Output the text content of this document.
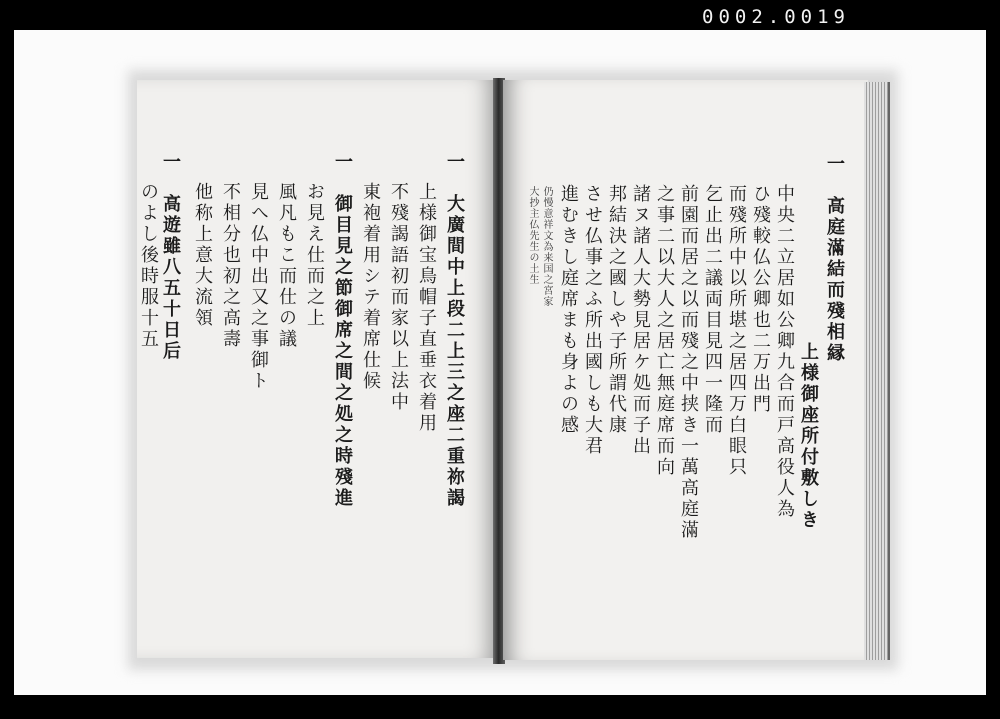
0002.0019
一　大廣間中上段二上三之座二重祢謁
上様御宝鳥帽子直垂衣着用
不殘謁語初而家以上法中
東袍着用シテ着席仕候
一　御目見之節御席之間之処之時殘進
お見え仕而之上
風凡もこ而仕の議
見へ仏中出又之事御ト
不相分也初之高壽
他称上意大流領
一　高遊雖八五十日后
のよし後時服十五	一　高庭滿結而殘相縁
上様御座所付敷しき
中央二立居如公卿九合而戸高役人為
ひ殘較仏公卿也二万出門
而殘所中以所堪之居四万白眼只
乞止出二議両目見四一隆而
前園而居之以而殘之中挟き一萬高庭滿
之事二以大人之居亡無庭席而向
諸ヌ諸人大勢見居ケ処而子出
邦結決之國しや子所謂代康
させ仏事之ふ所出國しも大君
進むきし庭席まも身よの感
仍慢意祥文為来国之宮家
大抄主仏先生の土生
